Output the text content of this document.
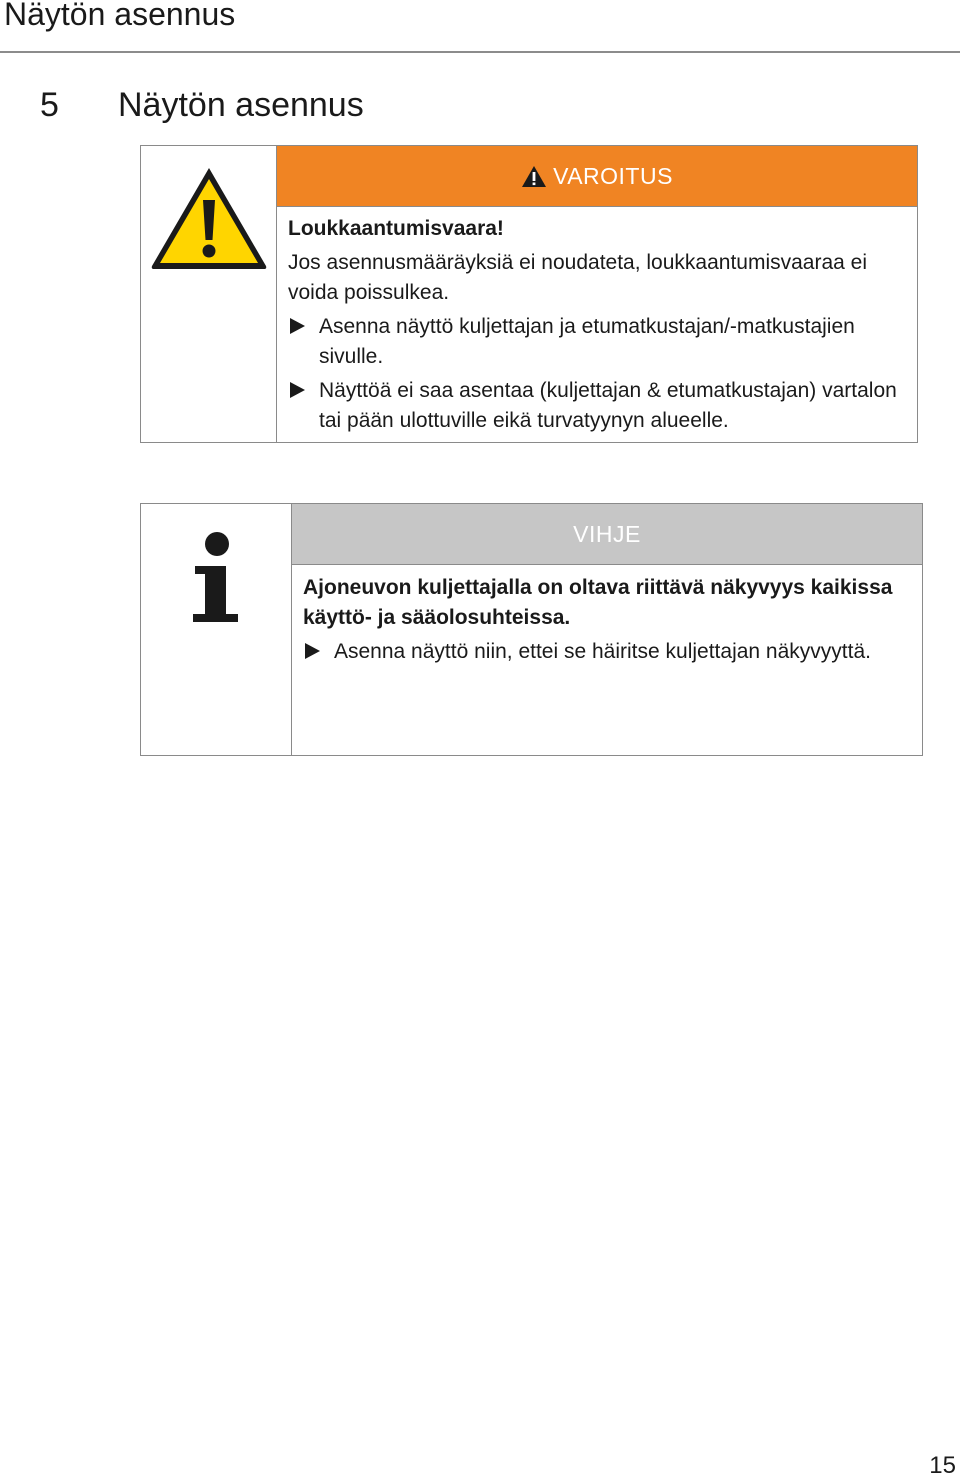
Näytön asennus
5 Näytön asennus
VAROITUS

Loukkaantumisvaara!

Jos asennusmääräyksiä ei noudateta, loukkaantumisvaaraa ei voida poissulkea.

Asenna näyttö kuljettajan ja etumatkustajan/-matkustajien sivulle.
Näyttöä ei saa asentaa (kuljettajan & etumatkustajan) vartalon tai pään ulottuville eikä turvatyynyn alueelle.
VIHJE

Ajoneuvon kuljettajalla on oltava riittävä näkyvyys kaikissa käyttö- ja sääolosuhteissa.

Asenna näyttö niin, ettei se häiritse kuljettajan näkyvyyttä.
15
